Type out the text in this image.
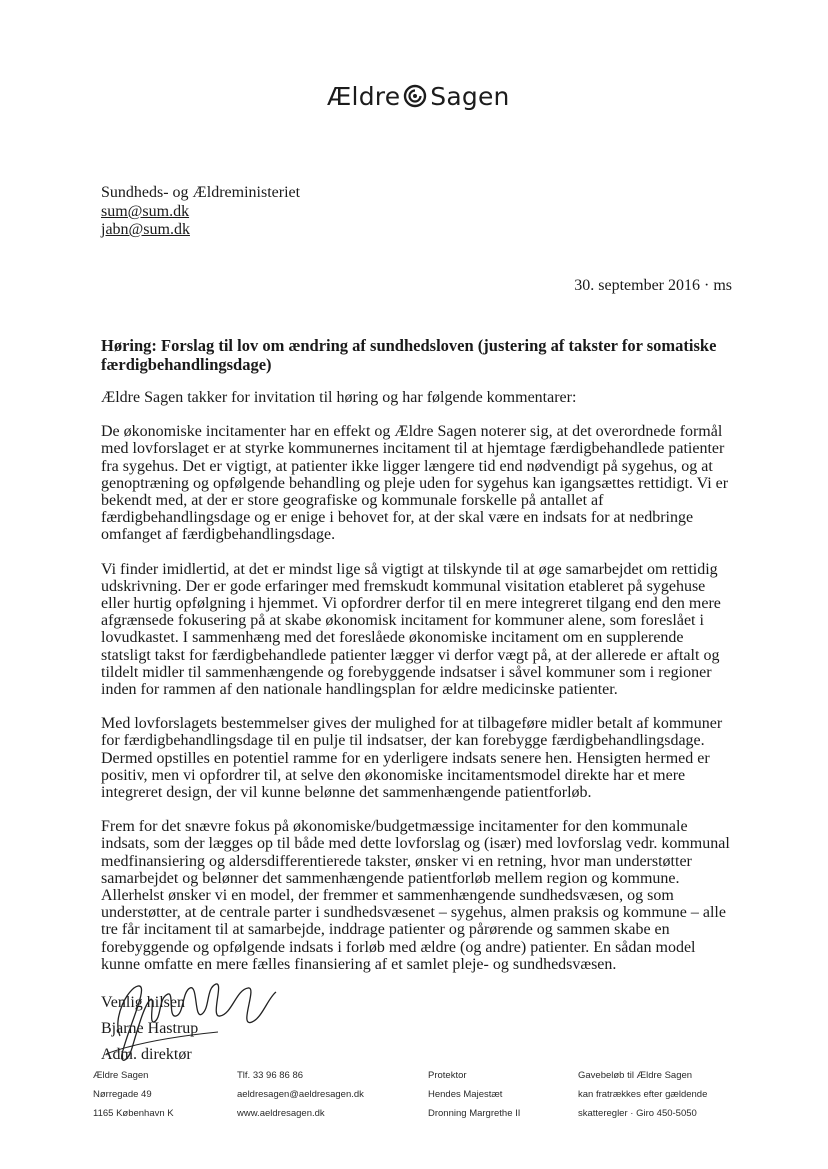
Ældre Sagen
Sundheds- og Ældreministeriet
sum@sum.dk
jabn@sum.dk
30. september 2016 · ms
Høring: Forslag til lov om ændring af sundhedsloven (justering af takster for somatiske færdigbehandlingsdage)

Ældre Sagen takker for invitation til høring og har følgende kommentarer:

De økonomiske incitamenter har en effekt og Ældre Sagen noterer sig, at det overordnede formål med lovforslaget er at styrke kommunernes incitament til at hjemtage færdigbehandlede patienter fra sygehus. Det er vigtigt, at patienter ikke ligger længere tid end nødvendigt på sygehus, og at genoptræning og opfølgende behandling og pleje uden for sygehus kan igangsættes rettidigt. Vi er bekendt med, at der er store geografiske og kommunale forskelle på antallet af færdigbehandlingsdage og er enige i behovet for, at der skal være en indsats for at nedbringe omfanget af færdigbehandlingsdage.

Vi finder imidlertid, at det er mindst lige så vigtigt at tilskynde til at øge samarbejdet om rettidig udskrivning. Der er gode erfaringer med fremskudt kommunal visitation etableret på sygehuse eller hurtig opfølgning i hjemmet. Vi opfordrer derfor til en mere integreret tilgang end den mere afgrænsede fokusering på at skabe økonomisk incitament for kommuner alene, som foreslået i lovudkastet. I sammenhæng med det foreslåede økonomiske incitament om en supplerende statsligt takst for færdigbehandlede patienter lægger vi derfor vægt på, at der allerede er aftalt og tildelt midler til sammenhængende og forebyggende indsatser i såvel kommuner som i regioner inden for rammen af den nationale handlingsplan for ældre medicinske patienter.

Med lovforslagets bestemmelser gives der mulighed for at tilbageføre midler betalt af kommuner for færdigbehandlingsdage til en pulje til indsatser, der kan forebygge færdigbehandlingsdage. Dermed opstilles en potentiel ramme for en yderligere indsats senere hen. Hensigten hermed er positiv, men vi opfordrer til, at selve den økonomiske incitamentsmodel direkte har et mere integreret design, der vil kunne belønne det sammenhængende patientforløb.

Frem for det snævre fokus på økonomiske/budgetmæssige incitamenter for den kommunale indsats, som der lægges op til både med dette lovforslag og (især) med lovforslag vedr. kommunal medfinansiering og aldersdifferentierede takster, ønsker vi en retning, hvor man understøtter samarbejdet og belønner det sammenhængende patientforløb mellem region og kommune. Allerhelst ønsker vi en model, der fremmer et sammenhængende sundhedsvæsen, og som understøtter, at de centrale parter i sundhedsvæsenet – sygehus, almen praksis og kommune – alle tre får incitament til at samarbejde, inddrage patienter og pårørende og sammen skabe en forebyggende og opfølgende indsats i forløb med ældre (og andre) patienter. En sådan model kunne omfatte en mere fælles finansiering af et samlet pleje- og sundhedsvæsen.

Venlig hilsen
Bjarne Hastrup
Adm. direktør
Ældre Sagen
Nørregade 49
1165 København K
Tlf. 33 96 86 86
aeldresagen@aeldresagen.dk
www.aeldresagen.dk
Protektor
Hendes Majestæt
Dronning Margrethe II
Gavebeløb til Ældre Sagen
kan fratrækkes efter gældende
skatteregler · Giro 450-5050
